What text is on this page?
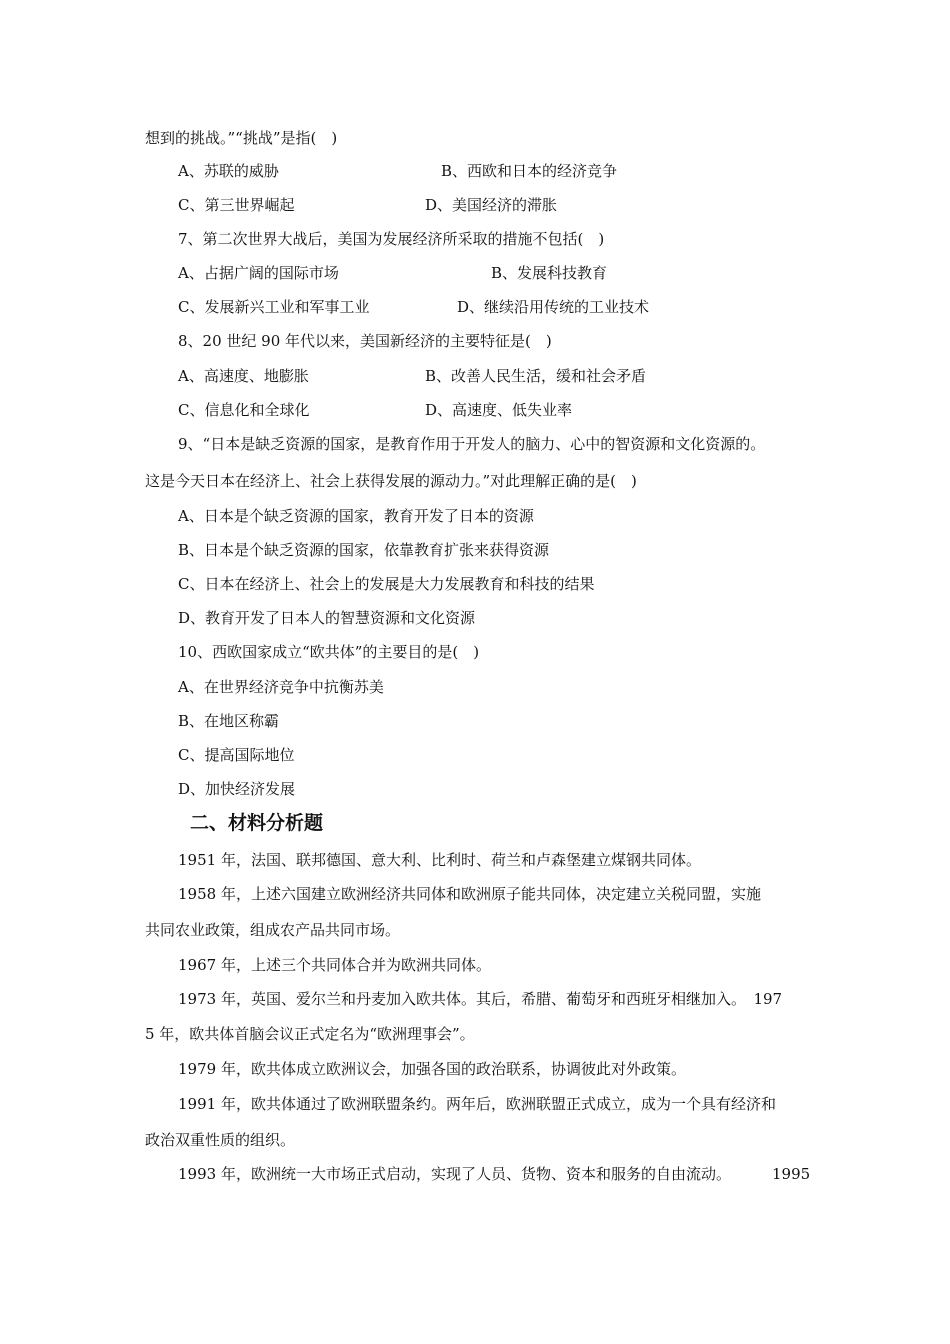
想到的挑战。”“挑战”是指(　)
A、苏联的威胁	B、西欧和日本的经济竞争
C、第三世界崛起	D、美国经济的滞胀
7、第二次世界大战后，美国为发展经济所采取的措施不包括(　)
A、占据广阔的国际市场	B、发展科技教育
C、发展新兴工业和军事工业	D、继续沿用传统的工业技术
8、20 世纪 90 年代以来，美国新经济的主要特征是(　)
A、高速度、地膨胀	B、改善人民生活，缓和社会矛盾
C、信息化和全球化	D、高速度、低失业率
9、“日本是缺乏资源的国家，是教育作用于开发人的脑力、心中的智资源和文化资源的。
这是今天日本在经济上、社会上获得发展的源动力。”对此理解正确的是(　)
A、日本是个缺乏资源的国家，教育开发了日本的资源
B、日本是个缺乏资源的国家，依靠教育扩张来获得资源
C、日本在经济上、社会上的发展是大力发展教育和科技的结果
D、教育开发了日本人的智慧资源和文化资源
10、西欧国家成立“欧共体”的主要目的是(　)
A、在世界经济竞争中抗衡苏美
B、在地区称霸
C、提高国际地位
D、加快经济发展
二、材料分析题
1951 年，法国、联邦德国、意大利、比利时、荷兰和卢森堡建立煤钢共同体。
1958 年，上述六国建立欧洲经济共同体和欧洲原子能共同体，决定建立关税同盟，实施
共同农业政策，组成农产品共同市场。
1967 年，上述三个共同体合并为欧洲共同体。
1973 年，英国、爱尔兰和丹麦加入欧共体。其后，希腊、葡萄牙和西班牙相继加入。　197
5 年，欧共体首脑会议正式定名为“欧洲理事会”。
1979 年，欧共体成立欧洲议会，加强各国的政治联系，协调彼此对外政策。
1991 年，欧共体通过了欧洲联盟条约。两年后，欧洲联盟正式成立，成为一个具有经济和
政治双重性质的组织。
1993 年，欧洲统一大市场正式启动，实现了人员、货物、资本和服务的自由流动。	1995
